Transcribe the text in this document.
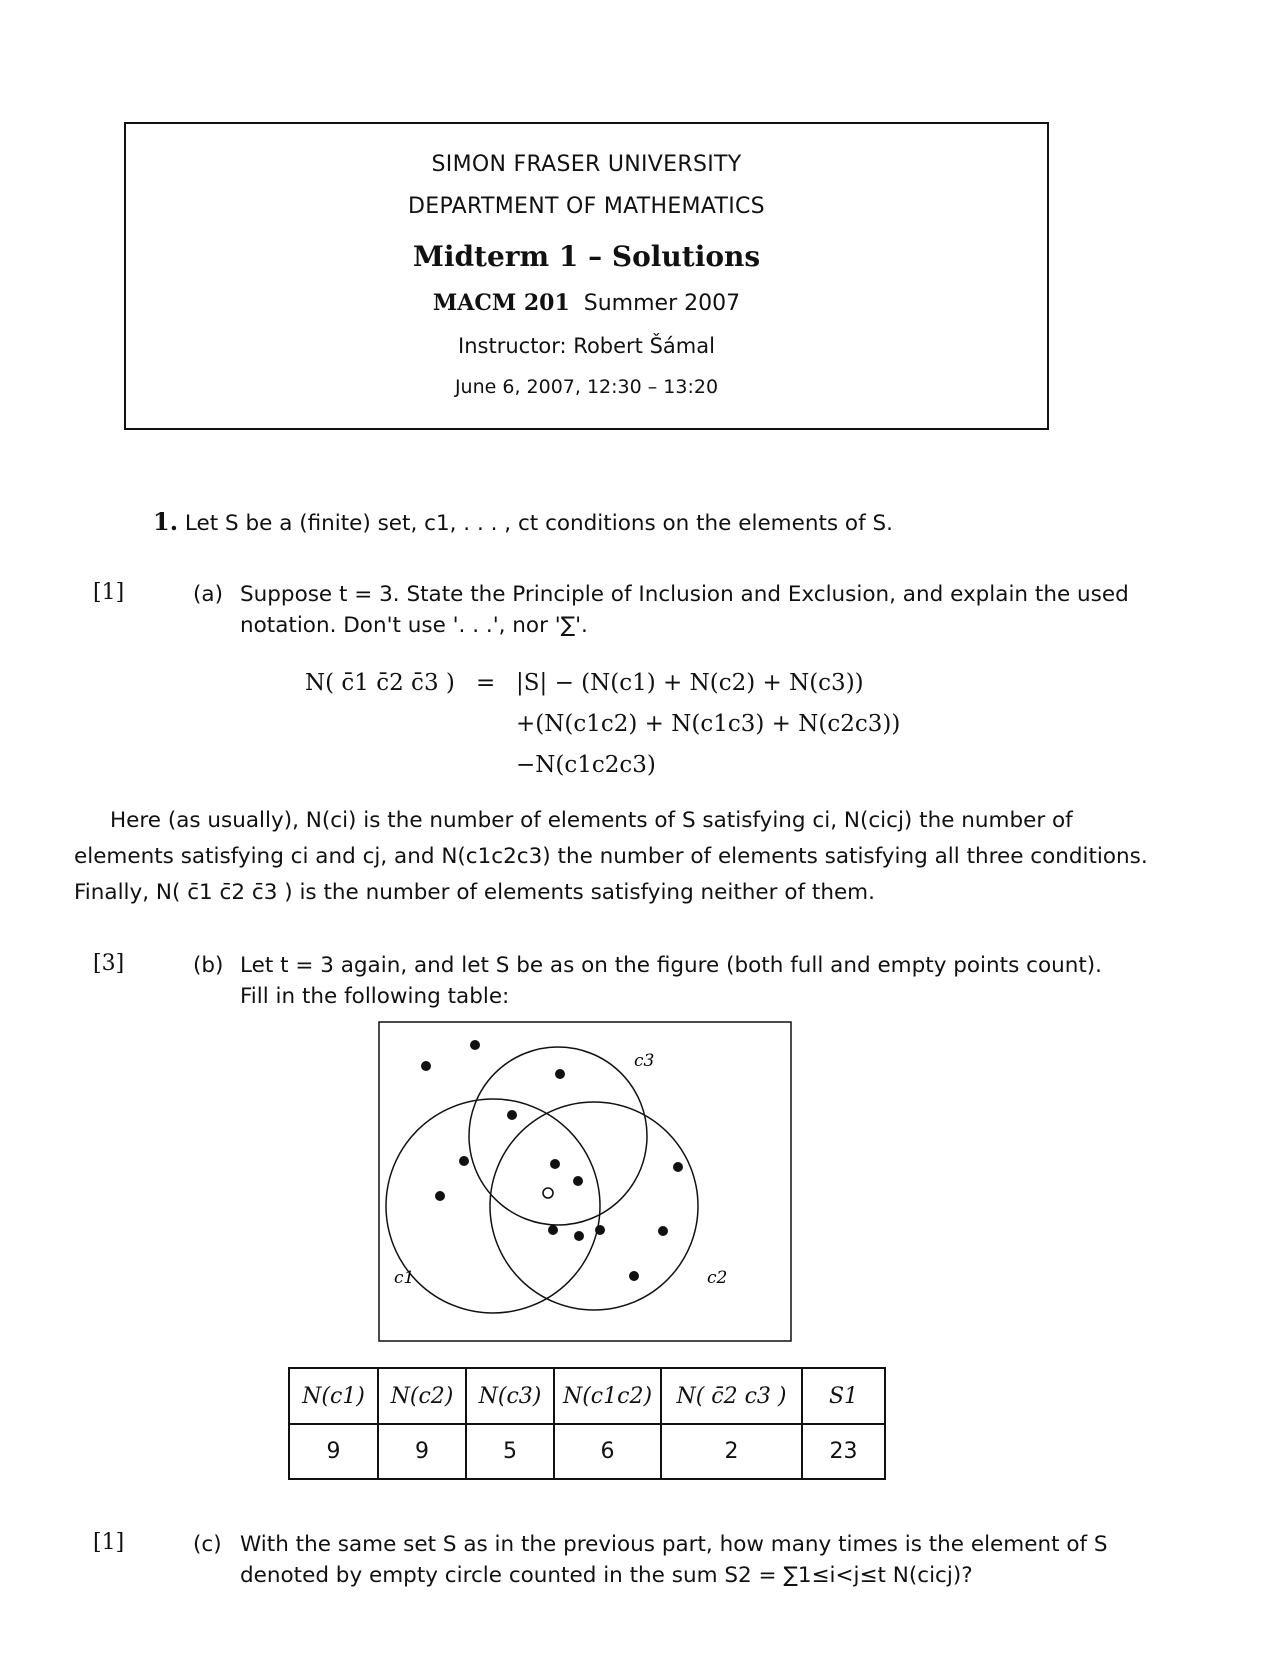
SIMON FRASER UNIVERSITY
DEPARTMENT OF MATHEMATICS
Midterm 1 – Solutions
MACM 201 Summer 2007
Instructor: Robert Šámal
June 6, 2007, 12:30 – 13:20
1. Let S be a (finite) set, c1, . . . , ct conditions on the elements of S.
[1]	(a) Suppose t = 3. State the Principle of Inclusion and Exclusion, and explain the used
notation. Don't use '. . .', nor '∑'.
N( c̄1 c̄2 c̄3 ) = |S| − (N(c1) + N(c2) + N(c3))
+(N(c1c2) + N(c1c3) + N(c2c3))
−N(c1c2c3)
Here (as usually), N(ci) is the number of elements of S satisfying ci, N(cicj) the number of
elements satisfying ci and cj, and N(c1c2c3) the number of elements satisfying all three conditions.
Finally, N( c̄1 c̄2 c̄3 ) is the number of elements satisfying neither of them.
[3]	(b) Let t = 3 again, and let S be as on the figure (both full and empty points count).
Fill in the following table:
c3
c1	c2
N(c1)	N(c2)	N(c3)	N(c1c2)	N( c̄2 c3 )	S1
9	9	5	6	2	23
[1]	(c) With the same set S as in the previous part, how many times is the element of S
denoted by empty circle counted in the sum S2 = ∑1≤i<j≤t N(cicj)?
